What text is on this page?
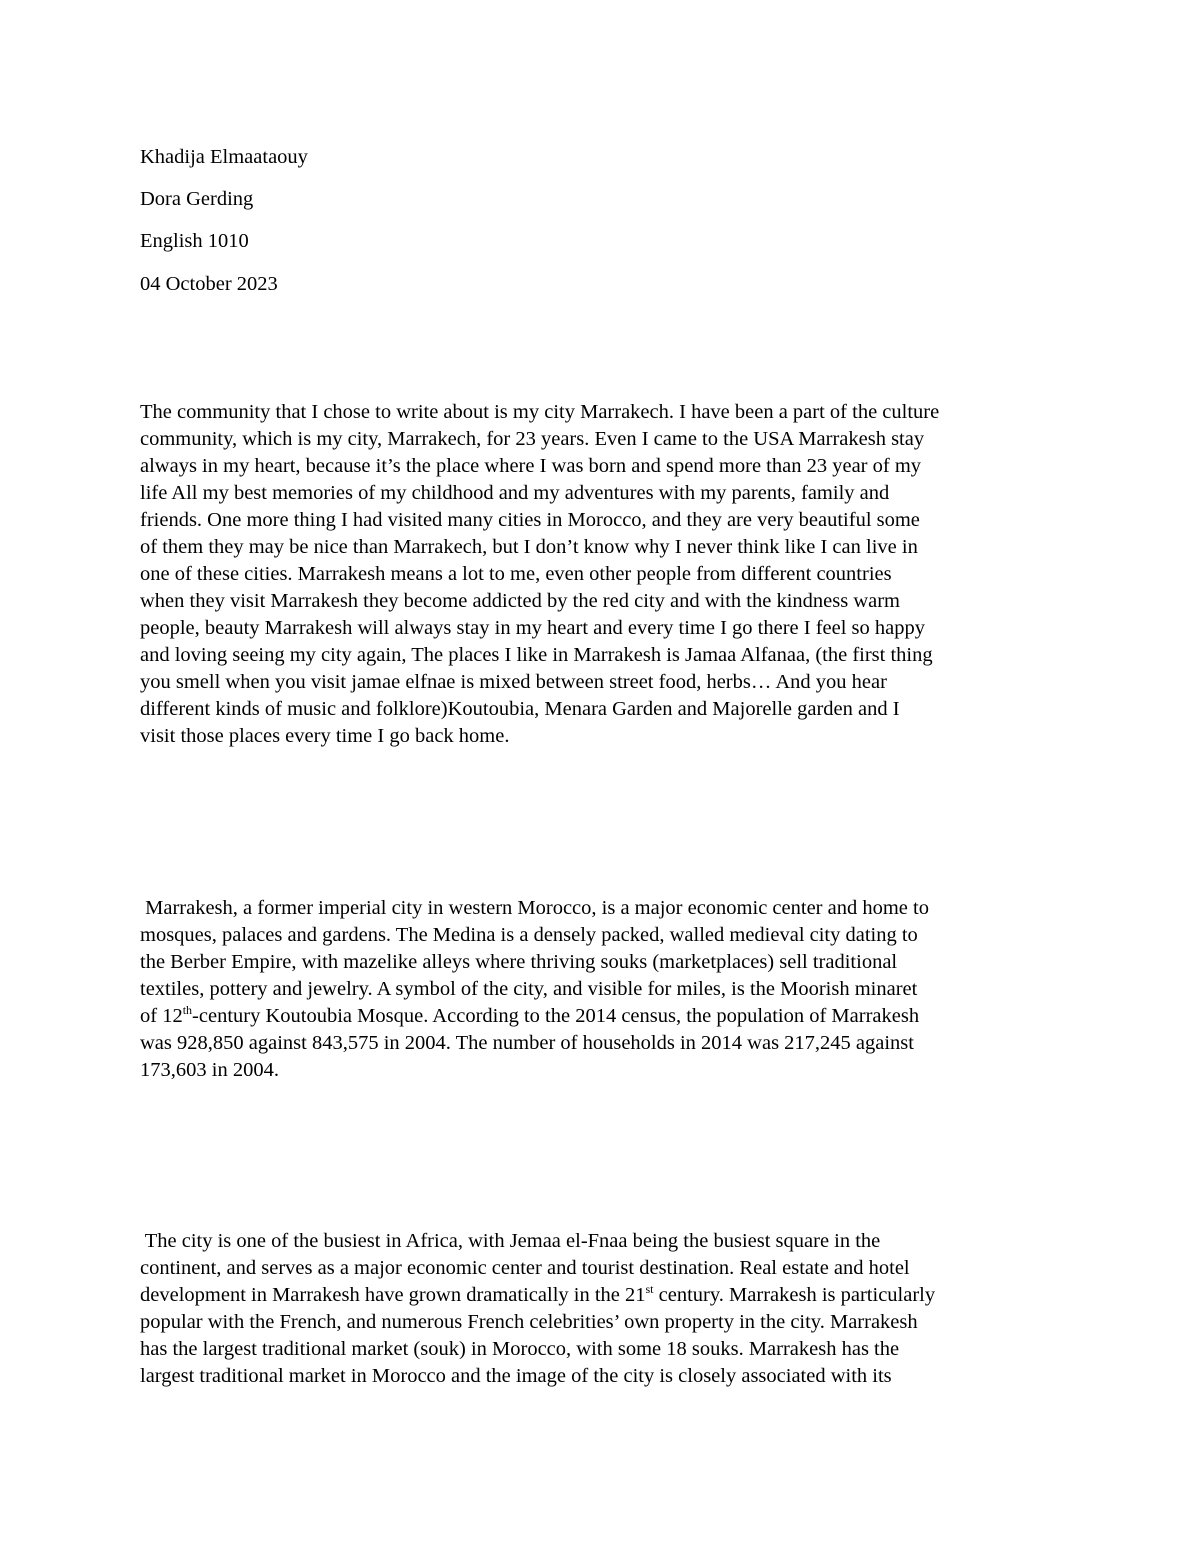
Khadija Elmaataouy

Dora Gerding

English 1010

04 October 2023

The community that I chose to write about is my city Marrakech. I have been a part of the culture
community, which is my city, Marrakech, for 23 years. Even I came to the USA Marrakesh stay
always in my heart, because it’s the place where I was born and spend more than 23 year of my
life All my best memories of my childhood and my adventures with my parents, family and
friends. One more thing I had visited many cities in Morocco, and they are very beautiful some
of them they may be nice than Marrakech, but I don’t know why I never think like I can live in
one of these cities. Marrakesh means a lot to me, even other people from different countries
when they visit Marrakesh they become addicted by the red city and with the kindness warm
people, beauty Marrakesh will always stay in my heart and every time I go there I feel so happy
and loving seeing my city again, The places I like in Marrakesh is Jamaa Alfanaa, (the first thing
you smell when you visit jamae elfnae is mixed between street food, herbs… And you hear
different kinds of music and folklore)Koutoubia, Menara Garden and Majorelle garden and I
visit those places every time I go back home.
Marrakesh, a former imperial city in western Morocco, is a major economic center and home to
mosques, palaces and gardens. The Medina is a densely packed, walled medieval city dating to
the Berber Empire, with mazelike alleys where thriving souks (marketplaces) sell traditional
textiles, pottery and jewelry. A symbol of the city, and visible for miles, is the Moorish minaret
of 12th-century Koutoubia Mosque. According to the 2014 census, the population of Marrakesh
was 928,850 against 843,575 in 2004. The number of households in 2014 was 217,245 against
173,603 in 2004.
The city is one of the busiest in Africa, with Jemaa el-Fnaa being the busiest square in the
continent, and serves as a major economic center and tourist destination. Real estate and hotel
development in Marrakesh have grown dramatically in the 21st century. Marrakesh is particularly
popular with the French, and numerous French celebrities’ own property in the city. Marrakesh
has the largest traditional market (souk) in Morocco, with some 18 souks. Marrakesh has the
largest traditional market in Morocco and the image of the city is closely associated with its
